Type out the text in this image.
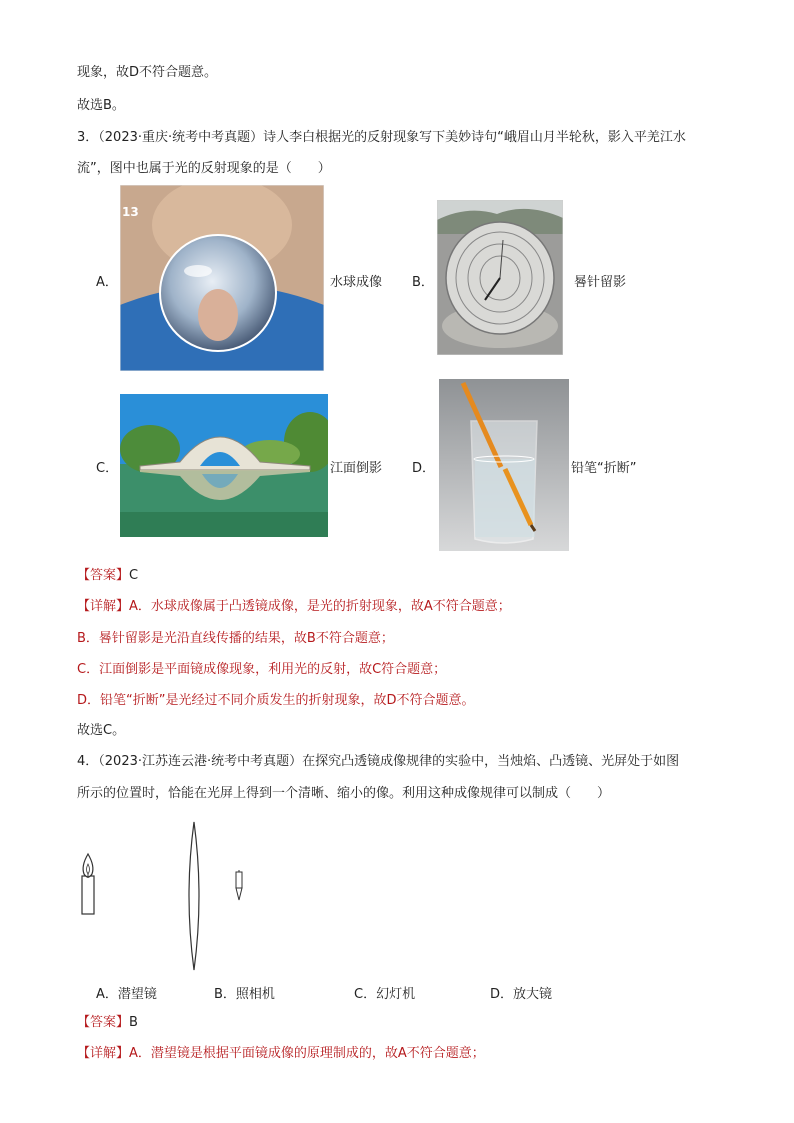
现象，故D不符合题意。
故选B。
3．（2023·重庆·统考中考真题）诗人李白根据光的反射现象写下美妙诗句“峨眉山月半轮秋，影入平羌江水
流”，图中也属于光的反射现象的是（　　）
A．
13
水球成像 B．	晷针留影
C．	江面倒影 D．	铅笔“折断”
【答案】C
【详解】A．水球成像属于凸透镜成像，是光的折射现象，故A不符合题意；
B．晷针留影是光沿直线传播的结果，故B不符合题意；
C．江面倒影是平面镜成像现象，利用光的反射，故C符合题意；
D．铅笔“折断”是光经过不同介质发生的折射现象，故D不符合题意。
故选C。
4．（2023·江苏连云港·统考中考真题）在探究凸透镜成像规律的实验中，当烛焰、凸透镜、光屏处于如图
所示的位置时，恰能在光屏上得到一个清晰、缩小的像。利用这种成像规律可以制成（　　）
A．潜望镜	B．照相机	C．幻灯机	D．放大镜
【答案】B
【详解】A．潜望镜是根据平面镜成像的原理制成的，故A不符合题意；
